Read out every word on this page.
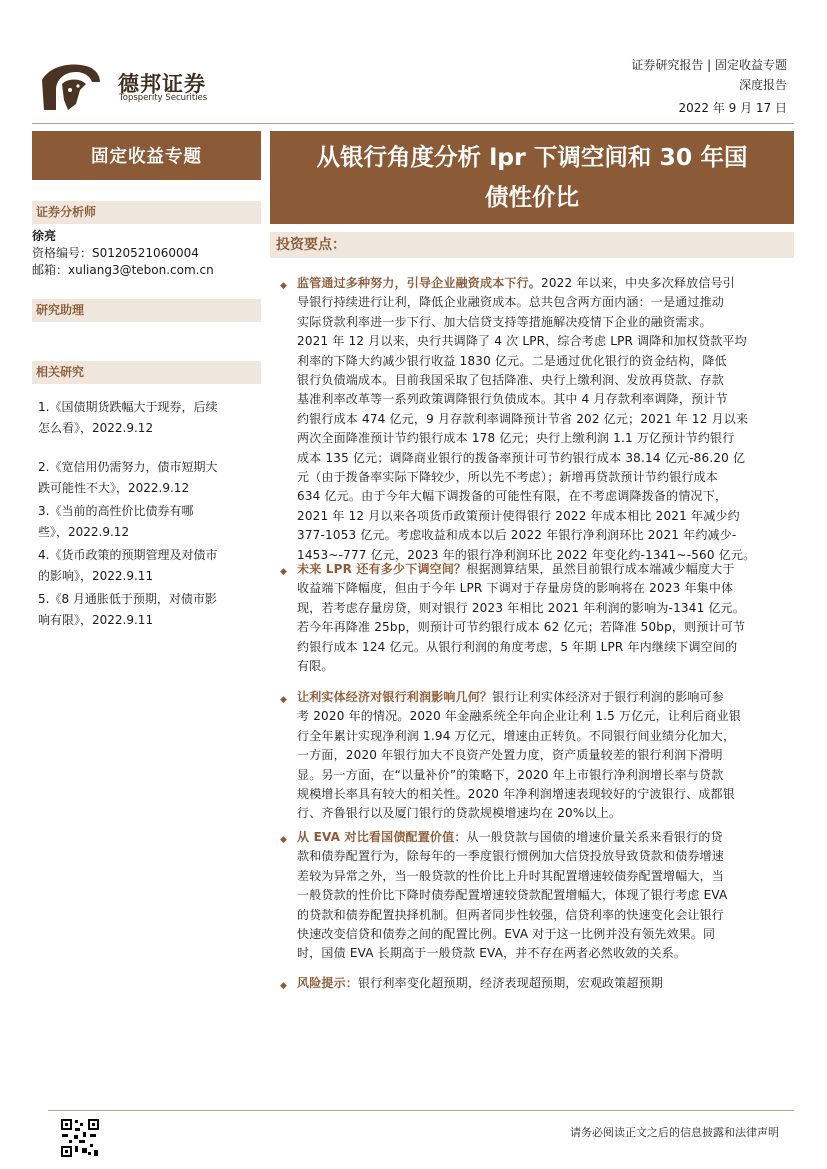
德邦证券
Topsperity Securities
证券研究报告 | 固定收益专题
深度报告
2022 年 9 月 17 日
固定收益专题	从银行角度分析 lpr 下调空间和 30 年国
债性价比
证券分析师
徐亮
资格编号：S0120521060004
邮箱：xuliang3@tebon.com.cn
研究助理
相关研究
1.《国债期货跌幅大于现券，后续
怎么看》，2022.9.12
2.《宽信用仍需努力，债市短期大
跌可能性不大》，2022.9.12
3.《当前的高性价比债券有哪
些》，2022.9.12
4.《货币政策的预期管理及对债市
的影响》，2022.9.11
5.《8 月通胀低于预期，对债市影
响有限》，2022.9.11
投资要点：
◆ 监管通过多种努力，引导企业融资成本下行。2022 年以来，中央多次释放信号引
导银行持续进行让利，降低企业融资成本。总共包含两方面内涵：一是通过推动
实际贷款利率进一步下行、加大信贷支持等措施解决疫情下企业的融资需求。
2021 年 12 月以来，央行共调降了 4 次 LPR，综合考虑 LPR 调降和加权贷款平均
利率的下降大约减少银行收益 1830 亿元。二是通过优化银行的资金结构，降低
银行负债端成本。目前我国采取了包括降准、央行上缴利润、发放再贷款、存款
基准利率改革等一系列政策调降银行负债成本。其中 4 月存款利率调降，预计节
约银行成本 474 亿元，9 月存款利率调降预计节省 202 亿元；2021 年 12 月以来
两次全面降准预计节约银行成本 178 亿元；央行上缴利润 1.1 万亿预计节约银行
成本 135 亿元；调降商业银行的拨备率预计可节约银行成本 38.14 亿元-86.20 亿
元（由于拨备率实际下降较少，所以先不考虑）；新增再贷款预计节约银行成本
634 亿元。由于今年大幅下调拨备的可能性有限，在不考虑调降拨备的情况下，
2021 年 12 月以来各项货币政策预计使得银行 2022 年成本相比 2021 年减少约
377-1053 亿元。考虑收益和成本以后 2022 年银行净利润环比 2021 年约减少-
1453~-777 亿元，2023 年的银行净利润环比 2022 年变化约-1341~-560 亿元。
◆ 未来 LPR 还有多少下调空间？根据测算结果，虽然目前银行成本端减少幅度大于
收益端下降幅度，但由于今年 LPR 下调对于存量房贷的影响将在 2023 年集中体
现，若考虑存量房贷，则对银行 2023 年相比 2021 年利润的影响为-1341 亿元。
若今年再降准 25bp，则预计可节约银行成本 62 亿元；若降准 50bp，则预计可节
约银行成本 124 亿元。从银行利润的角度考虑，5 年期 LPR 年内继续下调空间的
有限。
◆ 让利实体经济对银行利润影响几何？银行让利实体经济对于银行利润的影响可参
考 2020 年的情况。2020 年金融系统全年向企业让利 1.5 万亿元，让利后商业银
行全年累计实现净利润 1.94 万亿元，增速由正转负。不同银行间业绩分化加大，
一方面，2020 年银行加大不良资产处置力度，资产质量较差的银行利润下滑明
显。另一方面，在“以量补价”的策略下，2020 年上市银行净利润增长率与贷款
规模增长率具有较大的相关性。2020 年净利润增速表现较好的宁波银行、成都银
行、齐鲁银行以及厦门银行的贷款规模增速均在 20%以上。
◆ 从 EVA 对比看国债配置价值：从一般贷款与国债的增速价量关系来看银行的贷
款和债券配置行为，除每年的一季度银行惯例加大信贷投放导致贷款和债券增速
差较为异常之外，当一般贷款的性价比上升时其配置增速较债券配置增幅大，当
一般贷款的性价比下降时债券配置增速较贷款配置增幅大，体现了银行考虑 EVA
的贷款和债券配置抉择机制。但两者同步性较强，信贷利率的快速变化会让银行
快速改变信贷和债券之间的配置比例。EVA 对于这一比例并没有领先效果。同
时，国债 EVA 长期高于一般贷款 EVA，并不存在两者必然收敛的关系。
◆ 风险提示：银行利率变化超预期，经济表现超预期，宏观政策超预期
请务必阅读正文之后的信息披露和法律声明
